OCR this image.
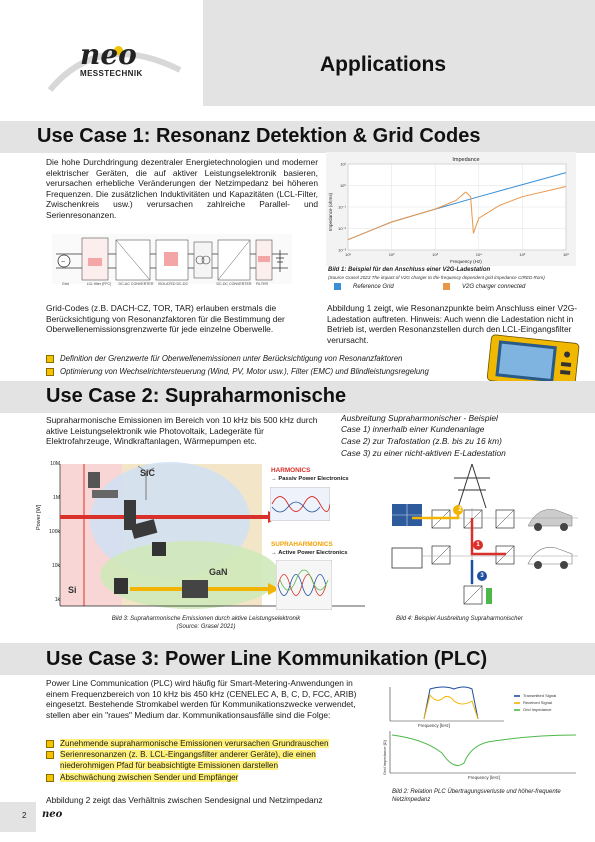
neo
MESSTECHNIK	Applications
Use Case 1: Resonanz Detektion & Grid Codes
Die hohe Durchdringung dezentraler Energietechnologien und moderner elektrischer Geräten, die auf aktiver Leistungselektronik basieren, verursachen erhebliche Veränderungen der Netzimpedanz bei höheren Frequenzen. Die zusätzlichen Induktivitäten und Kapazitäten (LCL-Filter, Zwischenkreis usw.) verursachen zahlreiche Parallel- und Serienresonanzen.
~
Grid	LCL filter (FFC)	DC-AC CONVERTER	ISOLATED DC-DC	DC-DC CONVERTER	FILTER
10¹	10²	10³	10⁴	10⁵	10⁶
10¹
10⁰
10⁻¹
10⁻²
10⁻³
Impedance
Frequency (Hz)
Impedance (ohms)
Bild 1: Beispiel für den Anschluss einer V2G-Ladestation
(Source Grasel 2023 The impact of V2G charger to the frequency dependent grid impedance CIRED Rom)
Reference Grid	V2G charger connected
Grid-Codes (z.B. DACH-CZ, TOR, TAR) erlauben erstmals die Berücksichtigung von Resonanzfaktoren für die Bestimmung der Oberwellenemissionsgrenzwerte für jede einzelne Oberwelle.
Abbildung 1 zeigt, wie Resonanzpunkte beim Anschluss einer V2G-Ladestation auftreten. Hinweis: Auch wenn die Ladestation nicht in Betrieb ist, werden Resonanzstellen durch den LCL-Eingangsfilter verursacht.
Definition der Grenzwerte für Oberwellenemissionen unter Berücksichtigung von Resonanzfaktoren
Optimierung von Wechselrichtersteuerung (Wind, PV, Motor usw.), Filter (EMC) und Blindleistungsregelung
Use Case 2: Supraharmonische
Supraharmonische Emissionen im Bereich von 10 kHz bis 500 kHz durch aktive Leistungselektronik wie Photovoltaik, Ladegeräte für Elektrofahrzeuge, Windkraftanlagen, Wärmepumpen etc.
Ausbreitung Supraharmonischer - Beispiel
Case 1) innerhalb einer Kundenanlage
Case 2) zur Trafostation (z.B. bis zu 16 km)
Case 3) zu einer nicht-aktiven E-Ladestation
10M
1M
100k
10k
1k
Power [W]
SiC
GaN
Si
HARMONICS
→ Passiv Power Electronics
SUPRAHARMONICS
→ Active Power Electronics
Bild 3: Supraharmonische Emissionen durch aktive Leistungselektronik
(Source: Grasel 2021)
2
1
3
Bild 4: Beispiel Ausbreitung Supraharmonischer
Use Case 3: Power Line Kommunikation (PLC)
Power Line Communication (PLC) wird häufig für Smart-Metering-Anwendungen in einem Frequenzbereich von 10 kHz bis 450 kHz (CENELEC A, B, C, D, FCC, ARIB) eingesetzt. Bestehende Stromkabel werden für Kommunikationszwecke verwendet, stellen aber ein "raues" Medium dar. Kommunikationsausfälle sind die Folge:
Zunehmende supraharmonische Emissionen verursachen Grundrauschen
Serienresonanzen (z. B. LCL-Eingangsfilter anderer Geräte), die einen
niederohmigen Pfad für beabsichtigte Emissionen darstellen
Abschwächung zwischen Sender und Empfänger
Abbildung 2 zeigt das Verhältnis zwischen Sendesignal und Netzimpedanz
Transmitted Signal
Received Signal
Grid Impedance
Frequency [kHz]
Frequency [kHz]
Grid Impedance [Ω]
Bild 2: Relation PLC Übertragungsverluste und höher-frequente Netzimpedanz
2 neo
